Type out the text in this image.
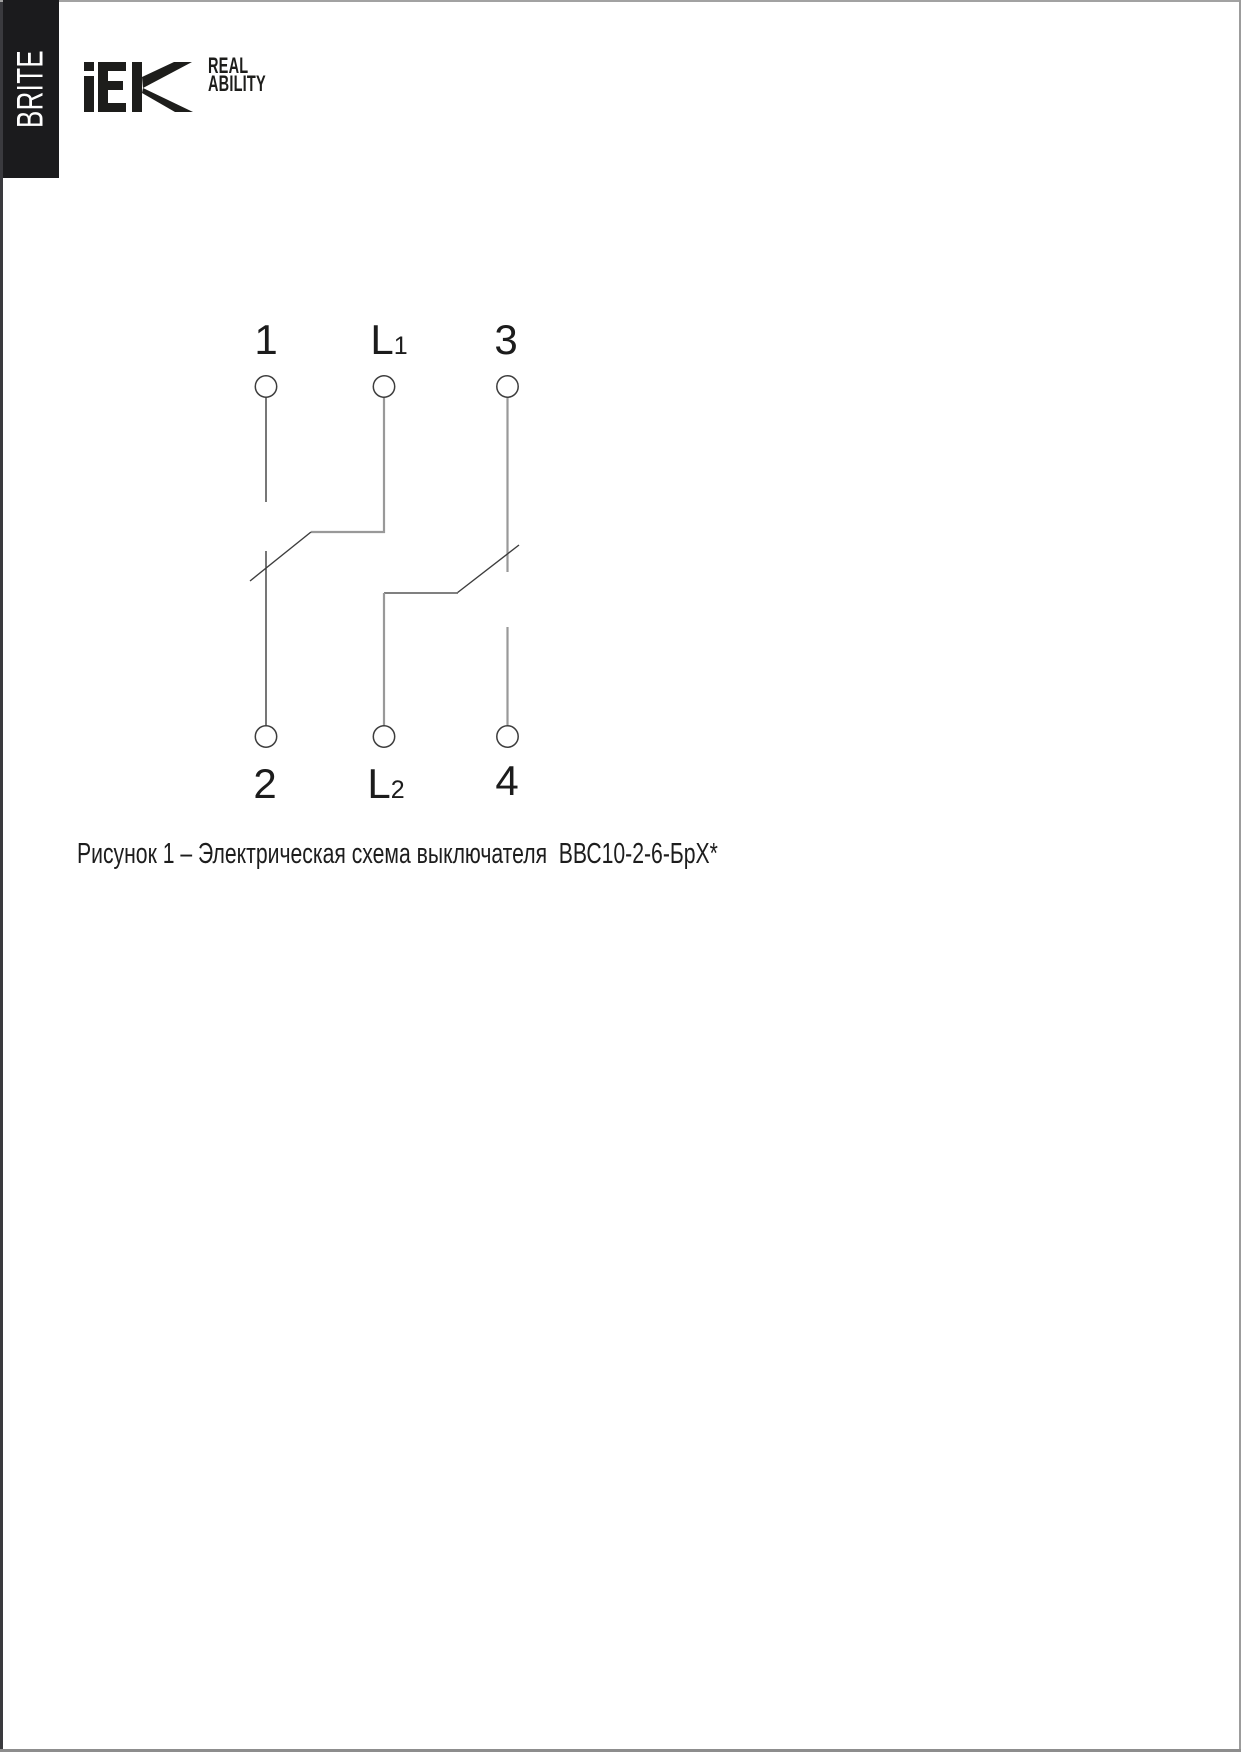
BRITE	REAL
ABILITY
1 L1 3
2 L2 4
Рисунок 1 – Электрическая схема выключателя  ВВС10-2-6-БрХ*
